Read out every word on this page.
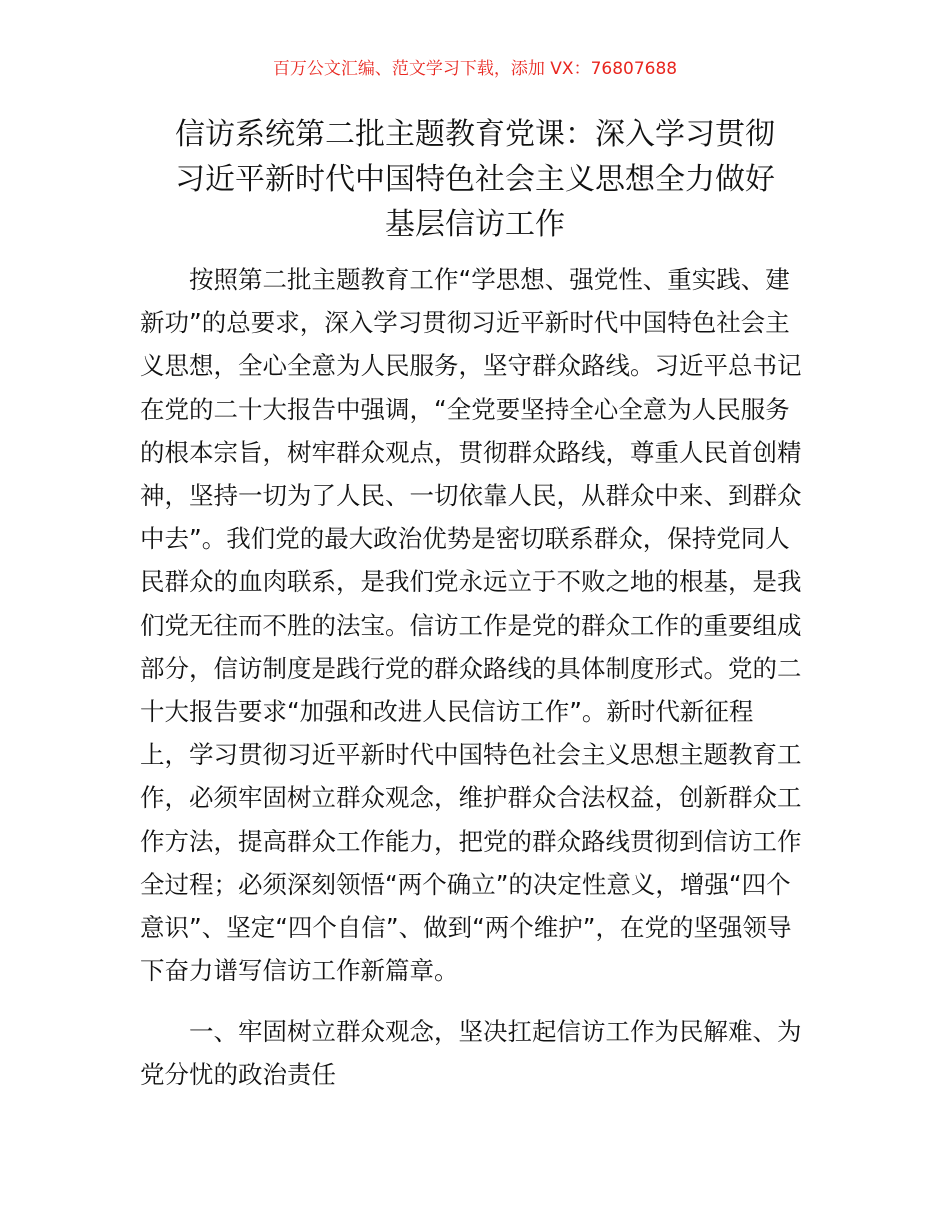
百万公文汇编、范文学习下载，添加 VX：76807688
信访系统第二批主题教育党课：深入学习贯彻
习近平新时代中国特色社会主义思想全力做好
基层信访工作

　　按照第二批主题教育工作“学思想、强党性、重实践、建
新功”的总要求，深入学习贯彻习近平新时代中国特色社会主
义思想，全心全意为人民服务，坚守群众路线。习近平总书记
在党的二十大报告中强调，“全党要坚持全心全意为人民服务
的根本宗旨，树牢群众观点，贯彻群众路线，尊重人民首创精
神，坚持一切为了人民、一切依靠人民，从群众中来、到群众
中去”。我们党的最大政治优势是密切联系群众，保持党同人
民群众的血肉联系，是我们党永远立于不败之地的根基，是我
们党无往而不胜的法宝。信访工作是党的群众工作的重要组成
部分，信访制度是践行党的群众路线的具体制度形式。党的二
十大报告要求“加强和改进人民信访工作”。新时代新征程
上，学习贯彻习近平新时代中国特色社会主义思想主题教育工
作，必须牢固树立群众观念，维护群众合法权益，创新群众工
作方法，提高群众工作能力，把党的群众路线贯彻到信访工作
全过程；必须深刻领悟“两个确立”的决定性意义，增强“四个
意识”、坚定“四个自信”、做到“两个维护”，在党的坚强领导
下奋力谱写信访工作新篇章。

　　一、牢固树立群众观念，坚决扛起信访工作为民解难、为
党分忧的政治责任
